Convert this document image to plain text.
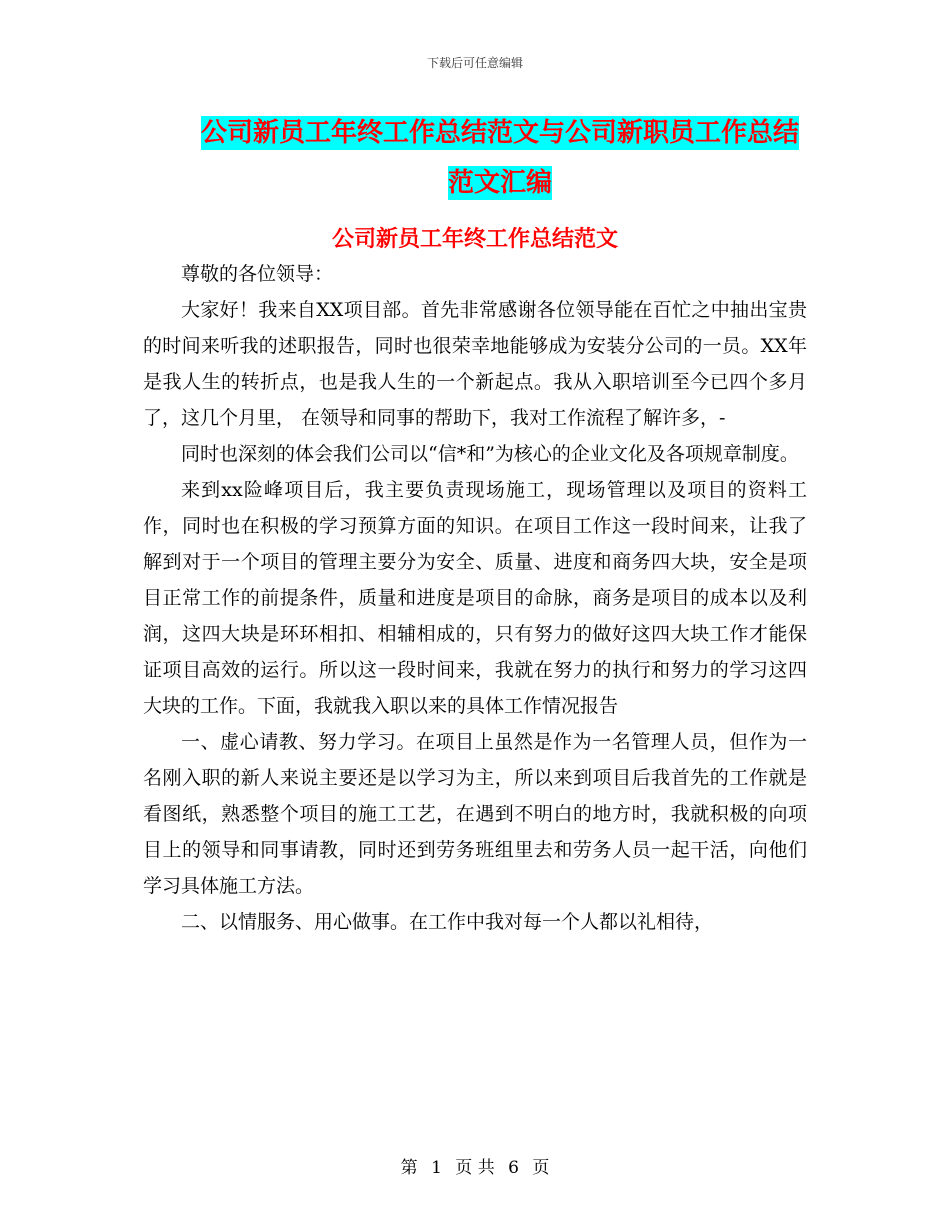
下载后可任意编辑
公司新员工年终工作总结范文与公司新职员工作总结
范文汇编
公司新员工年终工作总结范文

尊敬的各位领导：

大家好！我来自XX项目部。首先非常感谢各位领导能在百忙之中抽出宝贵的时间来听我的述职报告，同时也很荣幸地能够成为安装分公司的一员。XX年是我人生的转折点，也是我人生的一个新起点。我从入职培训至今已四个多月了，这几个月里， 在领导和同事的帮助下，我对工作流程了解许多，-

同时也深刻的体会我们公司以“信*和”为核心的企业文化及各项规章制度。

来到xx险峰项目后，我主要负责现场施工，现场管理以及项目的资料工作，同时也在积极的学习预算方面的知识。在项目工作这一段时间来，让我了解到对于一个项目的管理主要分为安全、质量、进度和商务四大块，安全是项目正常工作的前提条件，质量和进度是项目的命脉，商务是项目的成本以及利润，这四大块是环环相扣、相辅相成的，只有努力的做好这四大块工作才能保证项目高效的运行。所以这一段时间来，我就在努力的执行和努力的学习这四大块的工作。下面，我就我入职以来的具体工作情况报告

一、虚心请教、努力学习。在项目上虽然是作为一名管理人员，但作为一名刚入职的新人来说主要还是以学习为主，所以来到项目后我首先的工作就是看图纸，熟悉整个项目的施工工艺，在遇到不明白的地方时，我就积极的向项目上的领导和同事请教，同时还到劳务班组里去和劳务人员一起干活，向他们学习具体施工方法。

二、以情服务、用心做事。在工作中我对每一个人都以礼相待，

第 1 页 共 6 页
